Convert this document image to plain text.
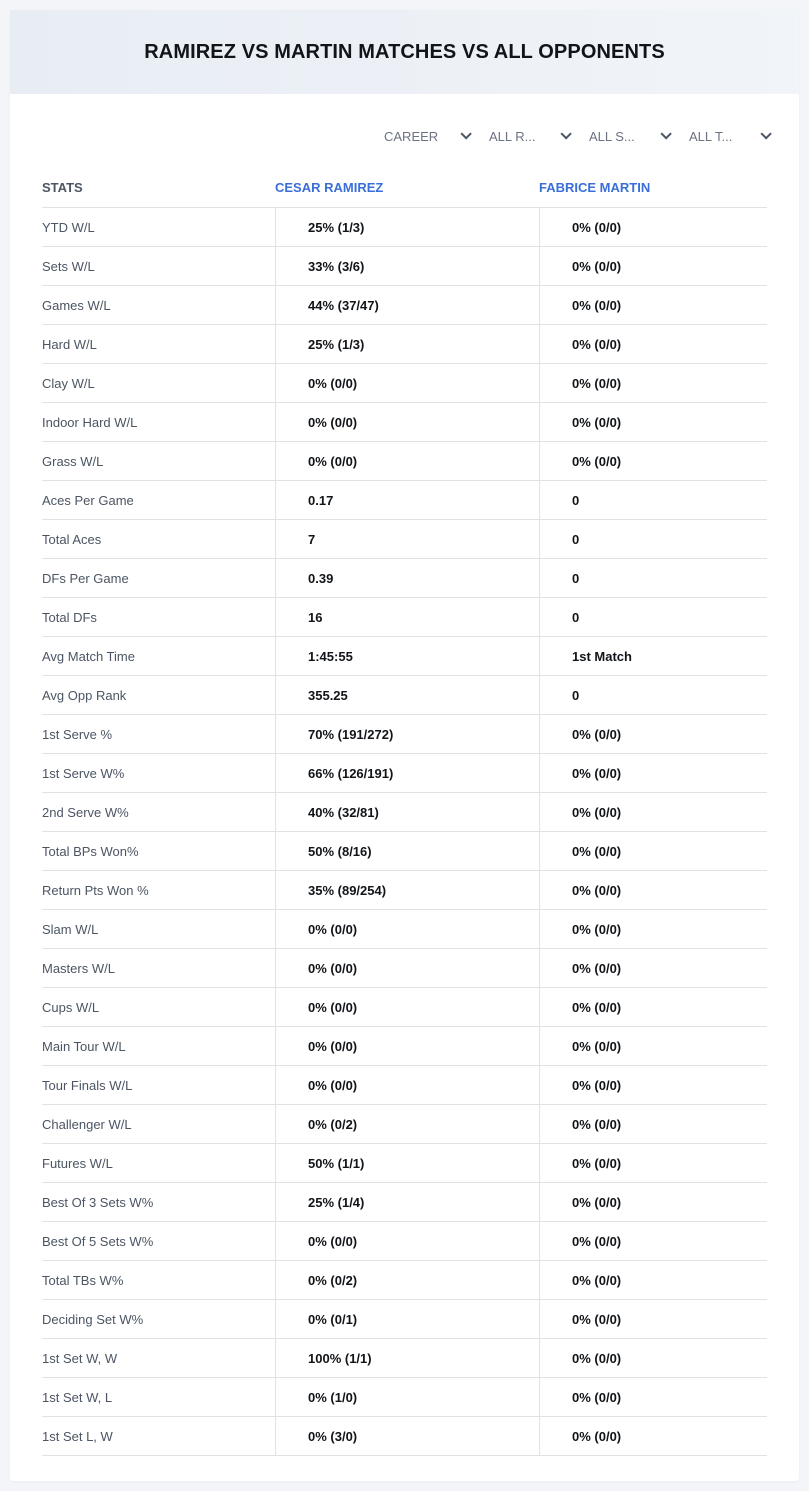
RAMIREZ VS MARTIN MATCHES VS ALL OPPONENTS
CAREER	ALL R...	ALL S...	ALL T...
STATS	CESAR RAMIREZ	FABRICE MARTIN
YTD W/L	25% (1/3)	0% (0/0)
Sets W/L	33% (3/6)	0% (0/0)
Games W/L	44% (37/47)	0% (0/0)
Hard W/L	25% (1/3)	0% (0/0)
Clay W/L	0% (0/0)	0% (0/0)
Indoor Hard W/L	0% (0/0)	0% (0/0)
Grass W/L	0% (0/0)	0% (0/0)
Aces Per Game	0.17	0
Total Aces	7	0
DFs Per Game	0.39	0
Total DFs	16	0
Avg Match Time	1:45:55	1st Match
Avg Opp Rank	355.25	0
1st Serve %	70% (191/272)	0% (0/0)
1st Serve W%	66% (126/191)	0% (0/0)
2nd Serve W%	40% (32/81)	0% (0/0)
Total BPs Won%	50% (8/16)	0% (0/0)
Return Pts Won %	35% (89/254)	0% (0/0)
Slam W/L	0% (0/0)	0% (0/0)
Masters W/L	0% (0/0)	0% (0/0)
Cups W/L	0% (0/0)	0% (0/0)
Main Tour W/L	0% (0/0)	0% (0/0)
Tour Finals W/L	0% (0/0)	0% (0/0)
Challenger W/L	0% (0/2)	0% (0/0)
Futures W/L	50% (1/1)	0% (0/0)
Best Of 3 Sets W%	25% (1/4)	0% (0/0)
Best Of 5 Sets W%	0% (0/0)	0% (0/0)
Total TBs W%	0% (0/2)	0% (0/0)
Deciding Set W%	0% (0/1)	0% (0/0)
1st Set W, W	100% (1/1)	0% (0/0)
1st Set W, L	0% (1/0)	0% (0/0)
1st Set L, W	0% (3/0)	0% (0/0)
